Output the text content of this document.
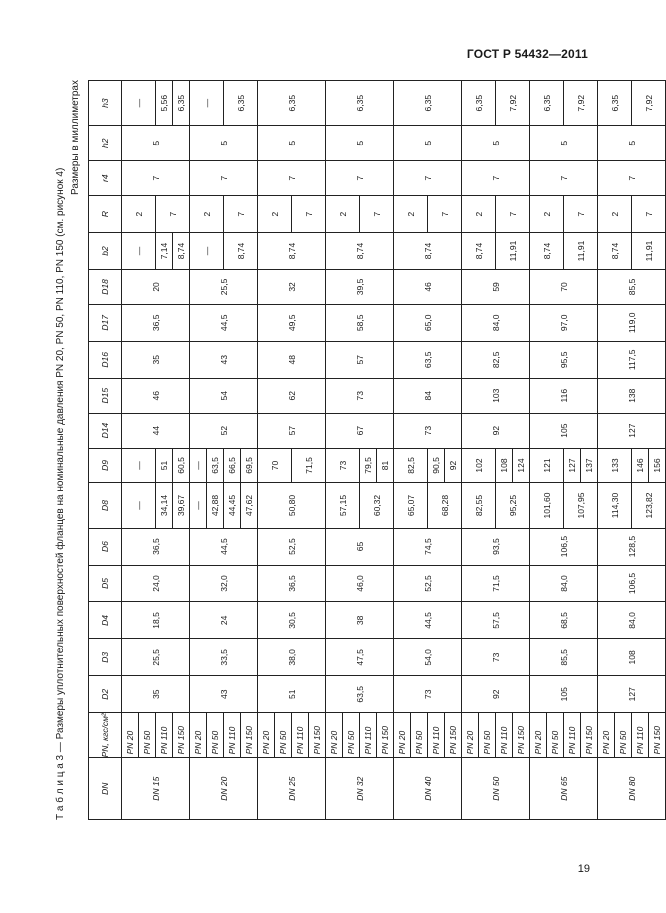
ГОСТ Р 54432—2011
Т а б л и ц а 3 — Размеры уплотнительных поверхностей фланцев на номинальные давления PN 20, PN 50, PN 110, PN 150 (см. рисунок 4)
Размеры в миллиметрах
DN	PN, кгс/см²	D2	D3	D4	D5	D6	D8	D9	D14	D15	D16	D17	D18	b2	R	r4	h2	h3
DN 15	PN 20	35	25,5	18,5	24,0	36,5	—	—	44	46	35	36,5	20	—	2	7	5	—
	PN 50																	
	PN 110						34,14	51						7,14	7			5,56
	PN 150						39,67	60,5						8,74				6,35
DN 20	PN 20	43	33,5	24	32,0	44,5	—	—	52	54	43	44,5	25,5	—	2	7	5	—
	PN 50						42,88	63,5										
	PN 110						44,45	66,5						8,74	7			6,35
	PN 150						47,62	69,5										
DN 25	PN 20	51	38,0	30,5	36,5	52,5	50,80	70	57	62	48	49,5	32	8,74	2	7	5	6,35
	PN 50																	
	PN 110							71,5							7			
	PN 150																	
DN 32	PN 20	63,5	47,5	38	46,0	65	57,15	73	67	73	57	58,5	39,5	8,74	2	7	5	6,35
	PN 50																	
	PN 110						60,32	79,5							7			
	PN 150							81										
DN 40	PN 20	73	54,0	44,5	52,5	74,5	65,07	82,5	73	84	63,5	65,0	46	8,74	2	7	5	6,35
	PN 50																	
	PN 110						68,28	90,5							7			
	PN 150							92										
DN 50	PN 20	92	73	57,5	71,5	93,5	82,55	102	92	103	82,5	84,0	59	8,74	2	7	5	6,35
	PN 50																	
	PN 110						95,25	108						11,91	7			7,92
	PN 150							124										
DN 65	PN 20	105	85,5	68,5	84,0	106,5	101,60	121	105	116	95,5	97,0	70	8,74	2	7	5	6,35
	PN 50																	
	PN 110						107,95	127						11,91	7			7,92
	PN 150							137										
DN 80	PN 20	127	108	84,0	106,5	128,5	114,30	133	127	138	117,5	119,0	85,5	8,74	2	7	5	6,35
	PN 50																	
	PN 110						123,82	146						11,91	7			7,92
	PN 150							156										
19
